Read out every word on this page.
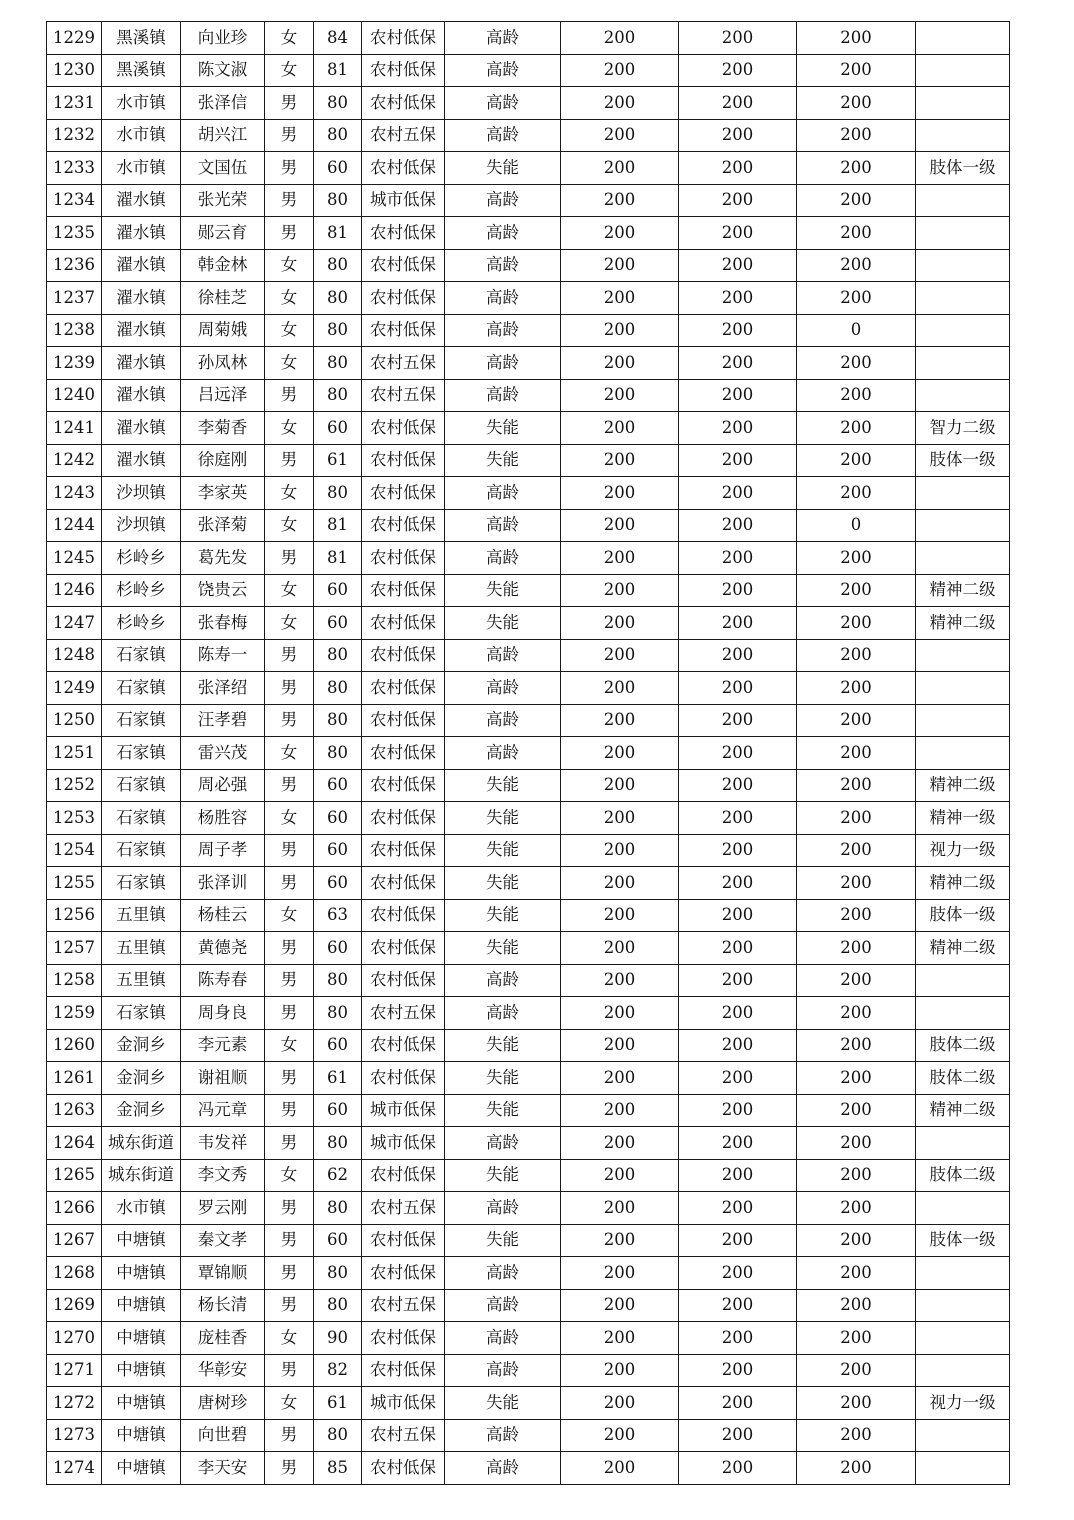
1229	黑溪镇	向业珍	女	84	农村低保	高龄	200	200	200	
1230	黑溪镇	陈文淑	女	81	农村低保	高龄	200	200	200	
1231	水市镇	张泽信	男	80	农村低保	高龄	200	200	200	
1232	水市镇	胡兴江	男	80	农村五保	高龄	200	200	200	
1233	水市镇	文国伍	男	60	农村低保	失能	200	200	200	肢体一级
1234	濯水镇	张光荣	男	80	城市低保	高龄	200	200	200	
1235	濯水镇	郧云育	男	81	农村低保	高龄	200	200	200	
1236	濯水镇	韩金林	女	80	农村低保	高龄	200	200	200	
1237	濯水镇	徐桂芝	女	80	农村低保	高龄	200	200	200	
1238	濯水镇	周菊娥	女	80	农村低保	高龄	200	200	0	
1239	濯水镇	孙凤林	女	80	农村五保	高龄	200	200	200	
1240	濯水镇	吕远泽	男	80	农村五保	高龄	200	200	200	
1241	濯水镇	李菊香	女	60	农村低保	失能	200	200	200	智力二级
1242	濯水镇	徐庭刚	男	61	农村低保	失能	200	200	200	肢体一级
1243	沙坝镇	李家英	女	80	农村低保	高龄	200	200	200	
1244	沙坝镇	张泽菊	女	81	农村低保	高龄	200	200	0	
1245	杉岭乡	葛先发	男	81	农村低保	高龄	200	200	200	
1246	杉岭乡	饶贵云	女	60	农村低保	失能	200	200	200	精神二级
1247	杉岭乡	张春梅	女	60	农村低保	失能	200	200	200	精神二级
1248	石家镇	陈寿一	男	80	农村低保	高龄	200	200	200	
1249	石家镇	张泽绍	男	80	农村低保	高龄	200	200	200	
1250	石家镇	汪孝碧	男	80	农村低保	高龄	200	200	200	
1251	石家镇	雷兴茂	女	80	农村低保	高龄	200	200	200	
1252	石家镇	周必强	男	60	农村低保	失能	200	200	200	精神二级
1253	石家镇	杨胜容	女	60	农村低保	失能	200	200	200	精神一级
1254	石家镇	周子孝	男	60	农村低保	失能	200	200	200	视力一级
1255	石家镇	张泽训	男	60	农村低保	失能	200	200	200	精神二级
1256	五里镇	杨桂云	女	63	农村低保	失能	200	200	200	肢体一级
1257	五里镇	黄德尧	男	60	农村低保	失能	200	200	200	精神二级
1258	五里镇	陈寿春	男	80	农村低保	高龄	200	200	200	
1259	石家镇	周身良	男	80	农村五保	高龄	200	200	200	
1260	金洞乡	李元素	女	60	农村低保	失能	200	200	200	肢体二级
1261	金洞乡	谢祖顺	男	61	农村低保	失能	200	200	200	肢体二级
1263	金洞乡	冯元章	男	60	城市低保	失能	200	200	200	精神二级
1264	城东街道	韦发祥	男	80	城市低保	高龄	200	200	200	
1265	城东街道	李文秀	女	62	农村低保	失能	200	200	200	肢体二级
1266	水市镇	罗云刚	男	80	农村五保	高龄	200	200	200	
1267	中塘镇	秦文孝	男	60	农村低保	失能	200	200	200	肢体一级
1268	中塘镇	覃锦顺	男	80	农村低保	高龄	200	200	200	
1269	中塘镇	杨长清	男	80	农村五保	高龄	200	200	200	
1270	中塘镇	庞桂香	女	90	农村低保	高龄	200	200	200	
1271	中塘镇	华彰安	男	82	农村低保	高龄	200	200	200	
1272	中塘镇	唐树珍	女	61	城市低保	失能	200	200	200	视力一级
1273	中塘镇	向世碧	男	80	农村五保	高龄	200	200	200	
1274	中塘镇	李天安	男	85	农村低保	高龄	200	200	200	
